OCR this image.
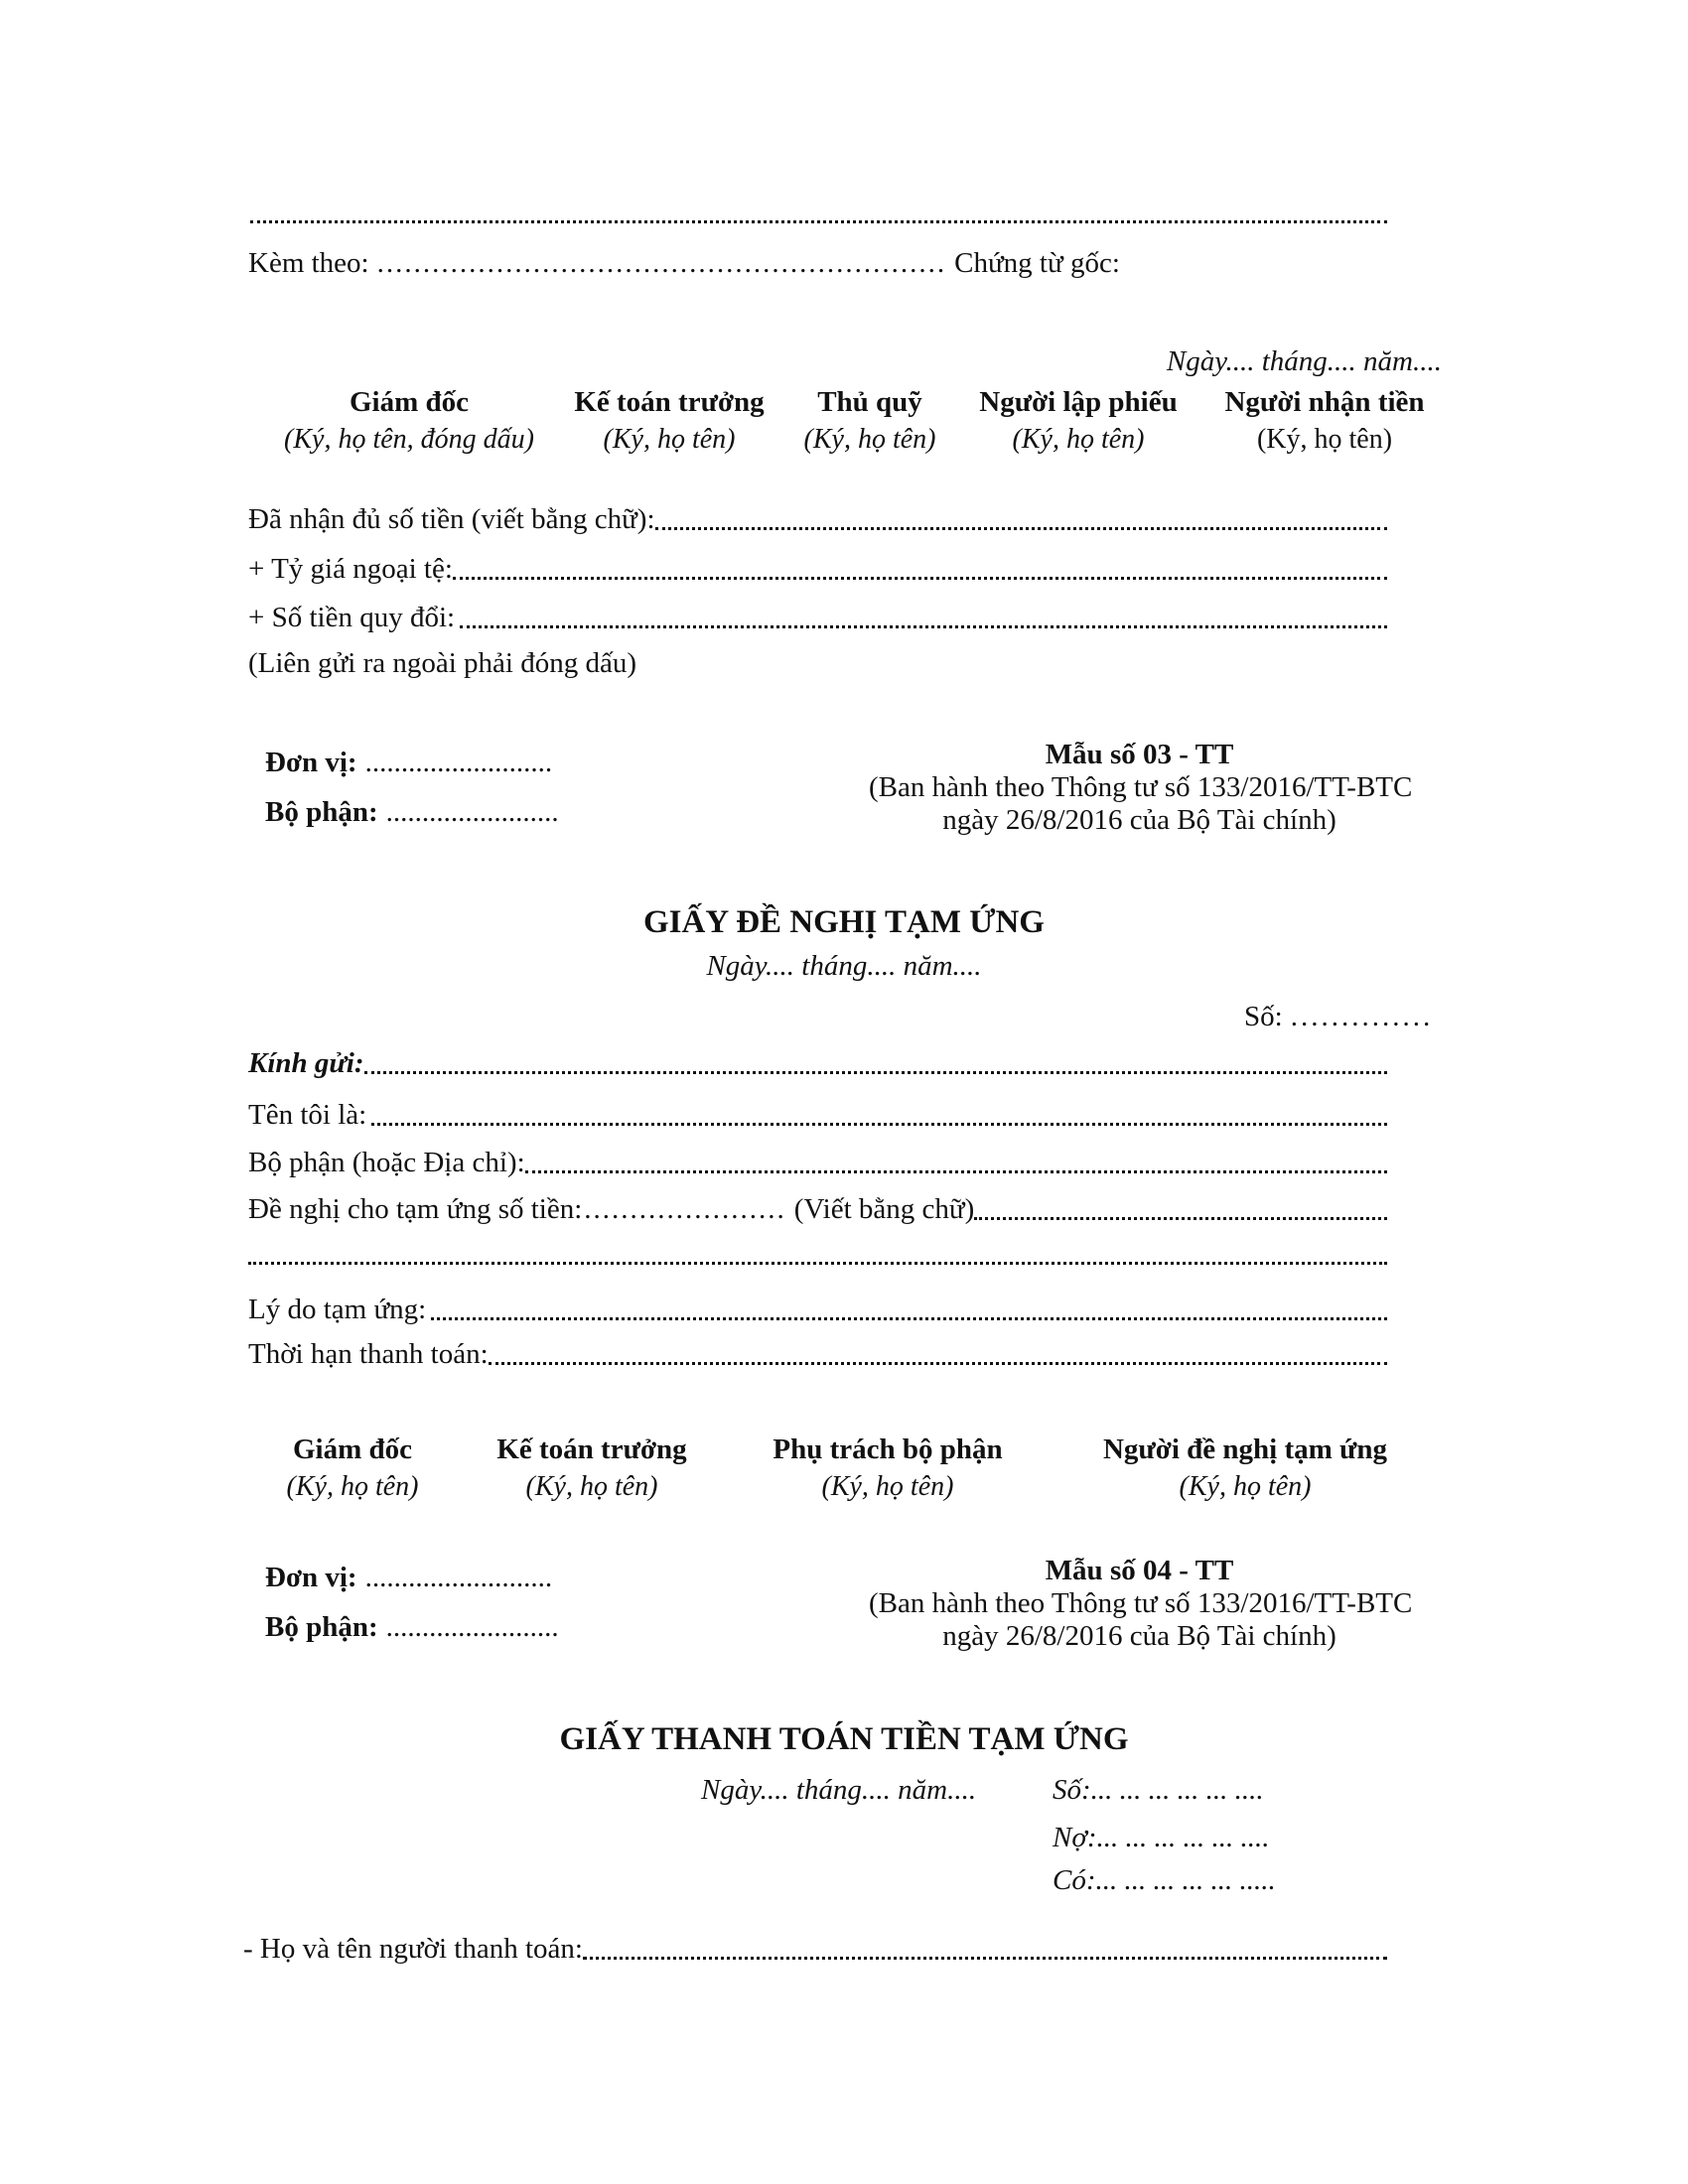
Kèm theo: .............................................................. Chứng từ gốc:
Ngày.... tháng.... năm....
Giám đốc
(Ký, họ tên, đóng dấu)
Kế toán trưởng
(Ký, họ tên)
Thủ quỹ
(Ký, họ tên)
Người lập phiếu
(Ký, họ tên)
Người nhận tiền
(Ký, họ tên)
Đã nhận đủ số tiền (viết bằng chữ):
+ Tỷ giá ngoại tệ:
+ Số tiền quy đổi:
(Liên gửi ra ngoài phải đóng dấu)
Đơn vị: ..........................
Bộ phận: ........................
Mẫu số 03 - TT
(Ban hành theo Thông tư số 133/2016/TT-BTC
ngày 26/8/2016 của Bộ Tài chính)
GIẤY ĐỀ NGHỊ TẠM ỨNG
Ngày.... tháng.... năm....
Số: ..............
Kính gửi:
Tên tôi là:
Bộ phận (hoặc Địa chỉ):
Đề nghị cho tạm ứng số tiền: ...................... (Viết bằng chữ)
Lý do tạm ứng:
Thời hạn thanh toán:
Giám đốc
(Ký, họ tên)
Kế toán trưởng
(Ký, họ tên)
Phụ trách bộ phận
(Ký, họ tên)
Người đề nghị tạm ứng
(Ký, họ tên)
Đơn vị: ..........................
Bộ phận: ........................
Mẫu số 04 - TT
(Ban hành theo Thông tư số 133/2016/TT-BTC
ngày 26/8/2016 của Bộ Tài chính)
GIẤY THANH TOÁN TIỀN TẠM ỨNG
Ngày.... tháng.... năm....	Số: ... ... ... ... ... ....
Nợ: ... ... ... ... ... ....
Có: ... ... ... ... ... .....
- Họ và tên người thanh toán:
